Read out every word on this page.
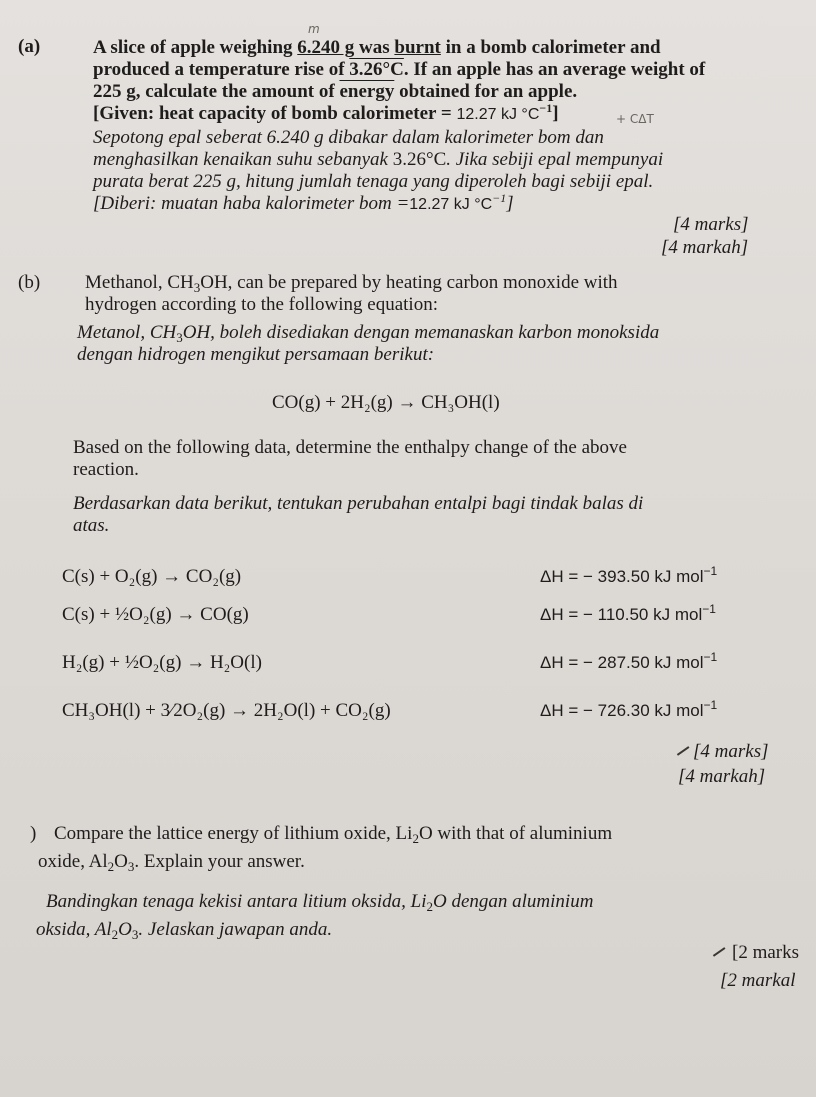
(a)
m
A slice of apple weighing 6.240 g was burnt in a bomb calorimeter and
produced a temperature rise of 3.26°C. If an apple has an average weight of
225 g, calculate the amount of energy obtained for an apple.
[Given: heat capacity of bomb calorimeter = 12.27 kJ $^\circ C^{-1}$]	+ CΔT
Sepotong epal seberat 6.240 g dibakar dalam kalorimeter bom dan
menghasilkan kenaikan suhu sebanyak 3.26°C. Jika sebiji epal mempunyai
purata berat 225 g, hitung jumlah tenaga yang diperoleh bagi sebiji epal.
[Diberi: muatan haba kalorimeter bom =12.27 kJ $^\circ C^{-1}$]
[4 marks]
[4 markah]
(b) Methanol, $CH_3OH$, can be prepared by heating carbon monoxide with
hydrogen according to the following equation:
Metanol, $CH_3OH$, boleh disediakan dengan memanaskan karbon monoksida
dengan hidrogen mengikut persamaan berikut:
CO(g) + 2H₂(g) → CH₃OH(l)
Based on the following data, determine the enthalpy change of the above
reaction.
Berdasarkan data berikut, tentukan perubahan entalpi bagi tindak balas di
atas.
C(s) + O₂(g) → CO₂(g)	ΔH = − 393.50 kJ mol$^{-1}$
C(s) + ½O₂(g) → CO(g)	ΔH = − 110.50 kJ mol$^{-1}$
H₂(g) + ½O₂(g) → H₂O(l)	ΔH = − 287.50 kJ mol$^{-1}$
CH₃OH(l) + 3⁄2O₂(g) → 2H₂O(l) + CO₂(g)	ΔH = − 726.30 kJ mol$^{-1}$
[4 marks]
[4 markah]
) Compare the lattice energy of lithium oxide, $Li_2O$ with that of aluminium
oxide, $Al_2O_3$. Explain your answer.
Bandingkan tenaga kekisi antara litium oksida, $Li_2O$ dengan aluminium
oksida, $Al_2O_3$. Jelaskan jawapan anda.
[2 marks
[2 markal
